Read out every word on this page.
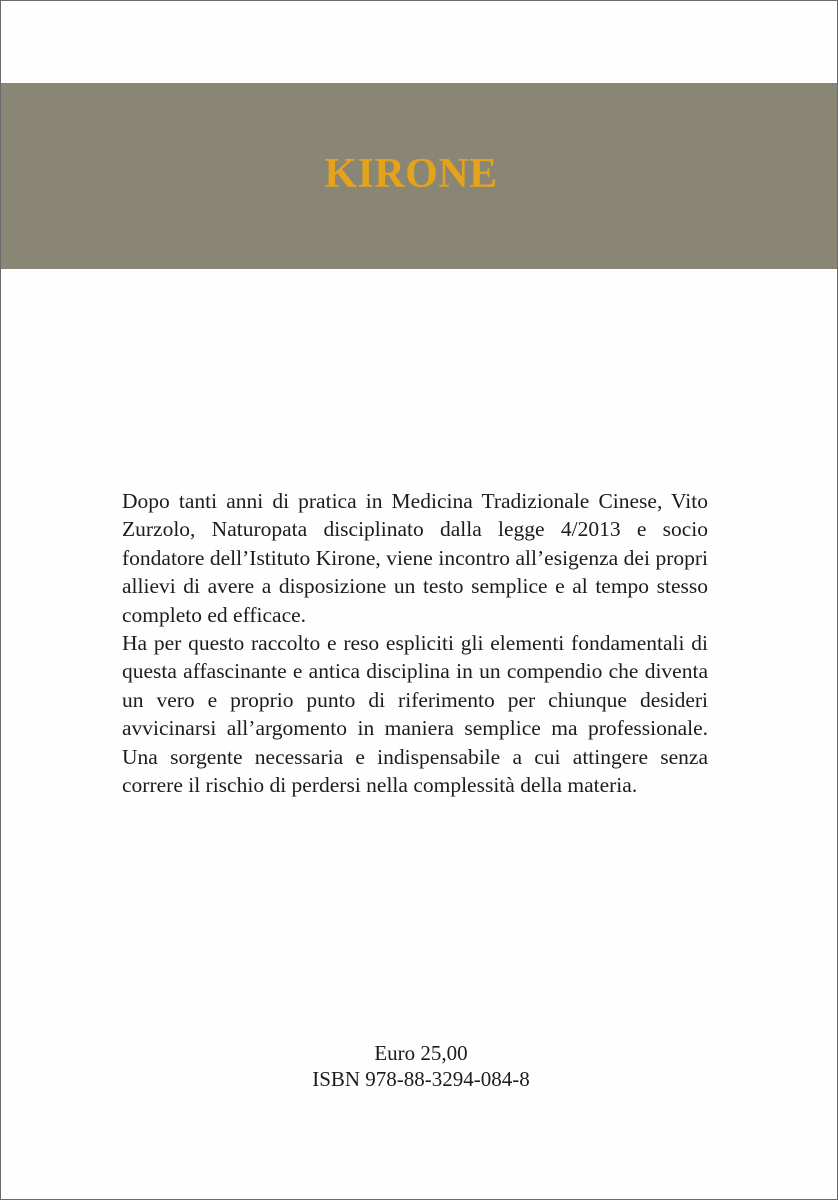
KIRONE

Dopo tanti anni di pratica in Medicina Tradizionale Cinese, Vito Zurzolo, Naturopata disciplinato dalla legge 4/2013 e socio fondatore dell’Istituto Kirone, viene incontro all’esigenza dei propri allievi di avere a disposizione un testo semplice e al tempo stesso completo ed efficace.

Ha per questo raccolto e reso espliciti gli elementi fondamentali di questa affascinante e antica disciplina in un compendio che diventa un vero e proprio punto di riferimento per chiunque desideri avvicinarsi all’argomento in maniera semplice ma professionale. Una sorgente necessaria e indispensabile a cui attingere senza correre il rischio di perdersi nella complessità della materia.

Euro 25,00
ISBN 978-88-3294-084-8
